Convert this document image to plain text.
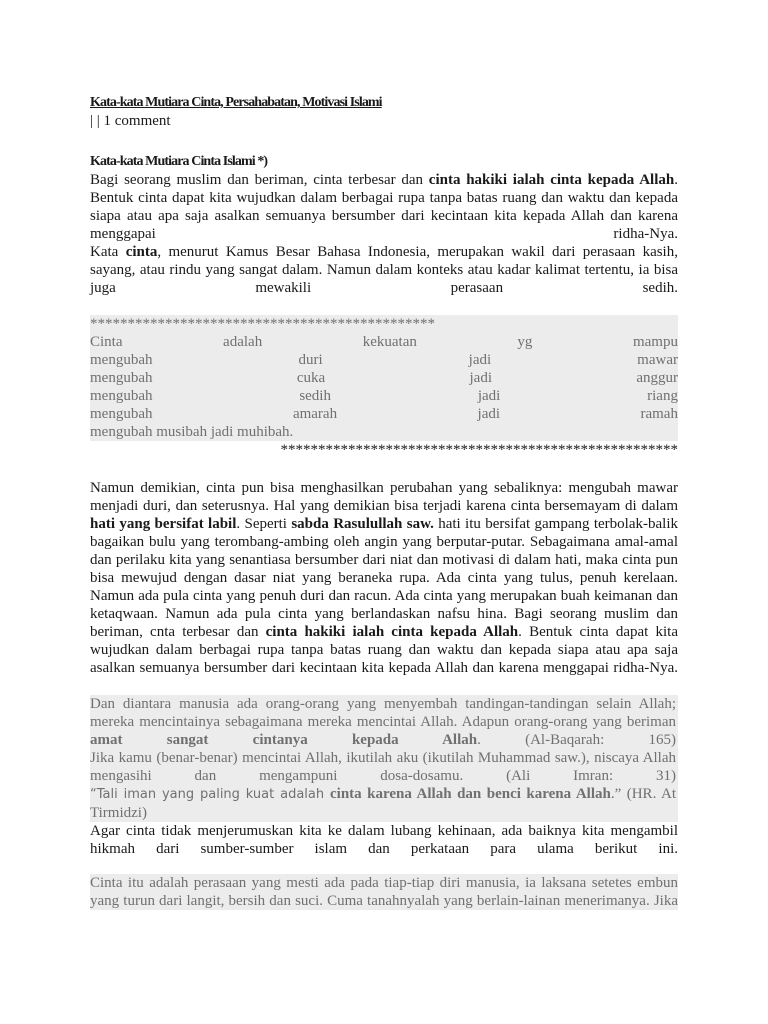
Kata-kata Mutiara Cinta, Persahabatan, Motivasi Islami
| | 1 comment
Kata-kata Mutiara Cinta Islami *)

Bagi seorang muslim dan beriman, cinta terbesar dan cinta hakiki ialah cinta kepada Allah. Bentuk cinta dapat kita wujudkan dalam berbagai rupa tanpa batas ruang dan waktu dan kepada siapa atau apa saja asalkan semuanya bersumber dari kecintaan kita kepada Allah dan karena menggapai ridha-Nya.

Kata cinta, menurut Kamus Besar Bahasa Indonesia, merupakan wakil dari perasaan kasih, sayang, atau rindu yang sangat dalam. Namun dalam konteks atau kadar kalimat tertentu, ia bisa juga mewakili perasaan sedih.

**********************************************
Cinta	adalah	kekuatan	yg	mampu
mengubah	duri	jadi	mawar
mengubah	cuka	jadi	anggur
mengubah	sedih	jadi	riang
mengubah	amarah	jadi	ramah
mengubah musibah jadi muhibah.
*****************************************************

Namun demikian, cinta pun bisa menghasilkan perubahan yang sebaliknya: mengubah mawar menjadi duri, dan seterusnya. Hal yang demikian bisa terjadi karena cinta bersemayam di dalam hati yang bersifat labil. Seperti sabda Rasulullah saw. hati itu bersifat gampang terbolak-balik bagaikan bulu yang terombang-ambing oleh angin yang berputar-putar. Sebagaimana amal-amal dan perilaku kita yang senantiasa bersumber dari niat dan motivasi di dalam hati, maka cinta pun bisa mewujud dengan dasar niat yang beraneka rupa. Ada cinta yang tulus, penuh kerelaan. Namun ada pula cinta yang penuh duri dan racun. Ada cinta yang merupakan buah keimanan dan ketaqwaan. Namun ada pula cinta yang berlandaskan nafsu hina. Bagi seorang muslim dan beriman, cnta terbesar dan cinta hakiki ialah cinta kepada Allah. Bentuk cinta dapat kita wujudkan dalam berbagai rupa tanpa batas ruang dan waktu dan kepada siapa atau apa saja asalkan semuanya bersumber dari kecintaan kita kepada Allah dan karena menggapai ridha-Nya.

Dan diantara manusia ada orang-orang yang menyembah tandingan-tandingan selain Allah; mereka mencintainya sebagaimana mereka mencintai Allah. Adapun orang-orang yang beriman amat sangat cintanya kepada Allah. (Al-Baqarah: 165)

Jika kamu (benar-benar) mencintai Allah, ikutilah aku (ikutilah Muhammad saw.), niscaya Allah mengasihi dan mengampuni dosa-dosamu. (Ali Imran: 31)

“Tali iman yang paling kuat adalah cinta karena Allah dan benci karena Allah.” (HR. At Tirmidzi)

Agar cinta tidak menjerumuskan kita ke dalam lubang kehinaan, ada baiknya kita mengambil hikmah dari sumber-sumber islam dan perkataan para ulama berikut ini.

Cinta itu adalah perasaan yang mesti ada pada tiap-tiap diri manusia, ia laksana setetes embun yang turun dari langit, bersih dan suci. Cuma tanahnyalah yang berlain-lainan menerimanya. Jika
